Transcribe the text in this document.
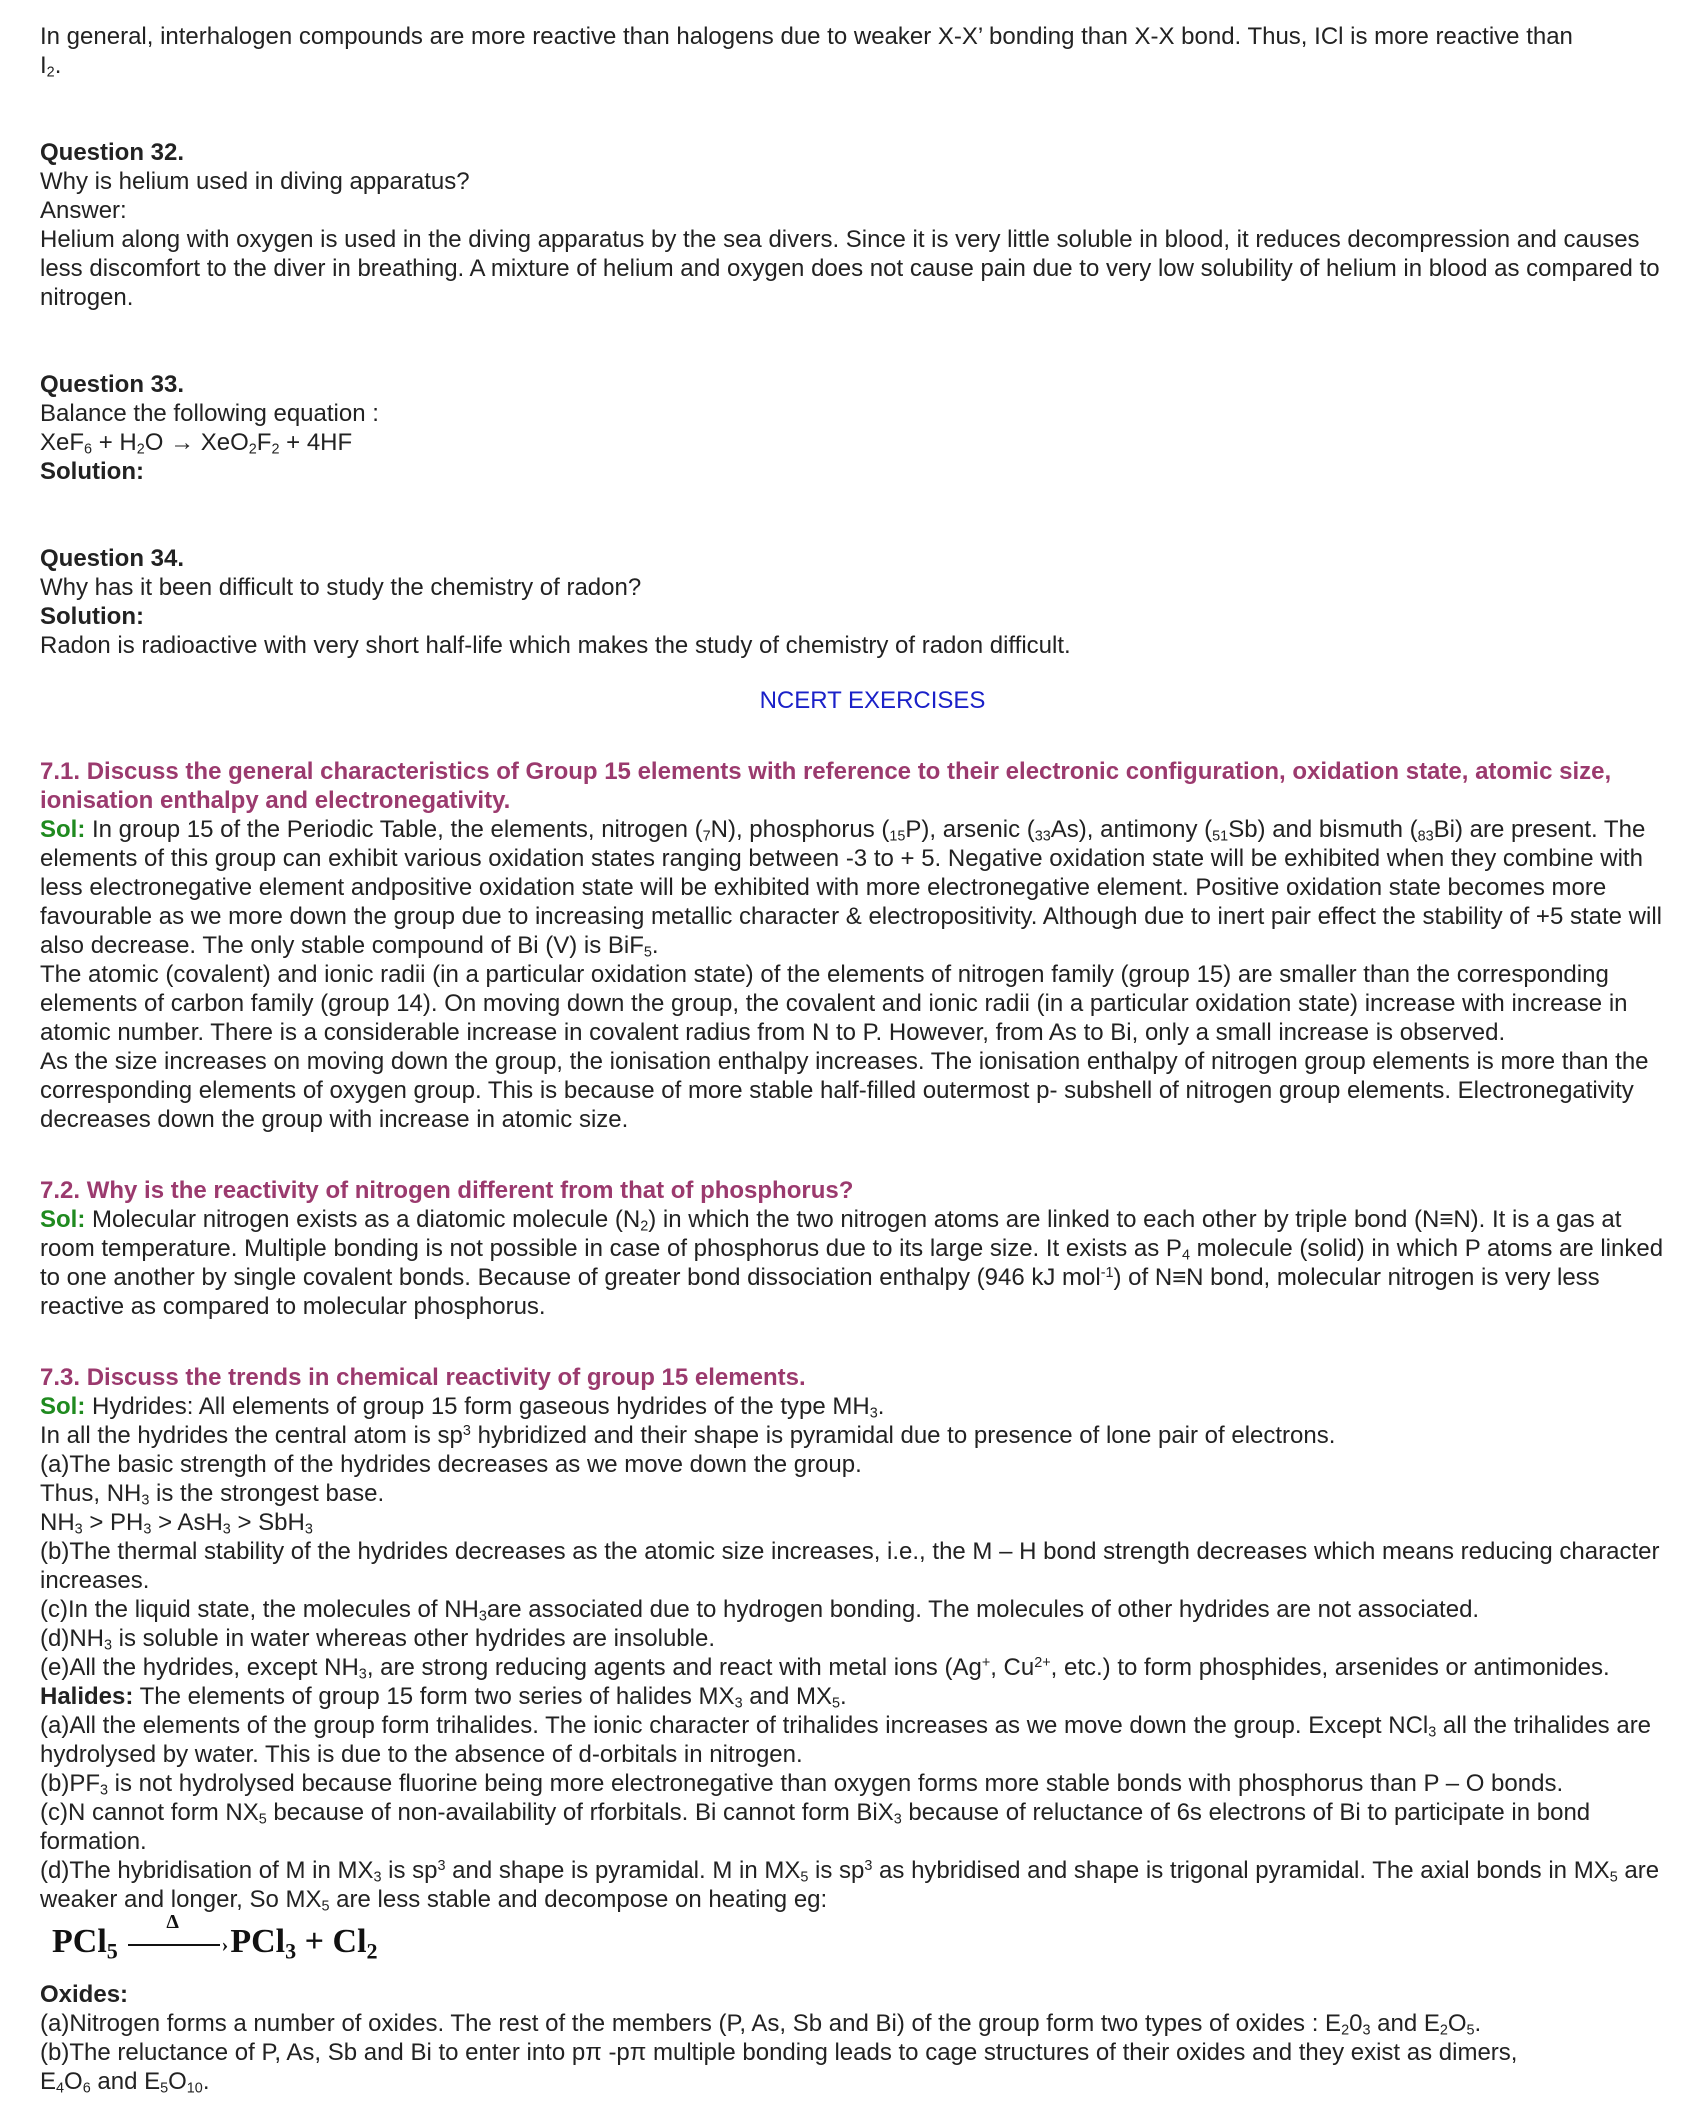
In general, interhalogen compounds are more reactive than halogens due to weaker X-X’ bonding than X-X bond. Thus, ICl is more reactive than
$I_2$.

Question 32.

Why is helium used in diving apparatus?

Answer:

Helium along with oxygen is used in the diving apparatus by the sea divers. Since it is very little soluble in blood, it reduces decompression and causes less discomfort to the diver in breathing. A mixture of helium and oxygen does not cause pain due to very low solubility of helium in blood as compared to nitrogen.

Question 33.

Balance the following equation :

$XeF_6 + H_2O \to XeO_2F_2 + 4HF$

Solution:

Question 34.

Why has it been difficult to study the chemistry of radon?

Solution:

Radon is radioactive with very short half-life which makes the study of chemistry of radon difficult.

NCERT EXERCISES

7.1. Discuss the general characteristics of Group 15 elements with reference to their electronic configuration, oxidation state, atomic size, ionisation enthalpy and electronegativity.

Sol: In group 15 of the Periodic Table, the elements, nitrogen $(_7N)$, phosphorus $(_{15}P)$, arsenic $(_{33}As)$, antimony $(_{51}Sb)$ and bismuth $(_{83}Bi)$ are present. The elements of this group can exhibit various oxidation states ranging between -3 to + 5. Negative oxidation state will be exhibited when they combine with less electronegative element andpositive oxidation state will be exhibited with more electronegative element. Positive oxidation state becomes more favourable as we more down the group due to increasing metallic character & electropositivity. Although due to inert pair effect the stability of +5 state will also decrease. The only stable compound of Bi (V) is BiF$_5$.

The atomic (covalent) and ionic radii (in a particular oxidation state) of the elements of nitrogen family (group 15) are smaller than the corresponding elements of carbon family (group 14). On moving down the group, the covalent and ionic radii (in a particular oxidation state) increase with increase in atomic number. There is a considerable increase in covalent radius from N to P. However, from As to Bi, only a small increase is observed.

As the size increases on moving down the group, the ionisation enthalpy increases. The ionisation enthalpy of nitrogen group elements is more than the corresponding elements of oxygen group. This is because of more stable half-filled outermost p- subshell of nitrogen group elements. Electronegativity decreases down the group with increase in atomic size.

7.2. Why is the reactivity of nitrogen different from that of phosphorus?

Sol: Molecular nitrogen exists as a diatomic molecule $(N_2)$ in which the two nitrogen atoms are linked to each other by triple bond (N≡N). It is a gas at room temperature. Multiple bonding is not possible in case of phosphorus due to its large size. It exists as $P_4$ molecule (solid) in which P atoms are linked to one another by single covalent bonds. Because of greater bond dissociation enthalpy (946 kJ mol$^{-1}$) of N≡N bond, molecular nitrogen is very less reactive as compared to molecular phosphorus.

7.3. Discuss the trends in chemical reactivity of group 15 elements.

Sol: Hydrides: All elements of group 15 form gaseous hydrides of the type $MH_3$.

In all the hydrides the central atom is $sp^3$ hybridized and their shape is pyramidal due to presence of lone pair of electrons.

(a)The basic strength of the hydrides decreases as we move down the group.

Thus, $NH_3$ is the strongest base.

$NH_3 > PH_3 > AsH_3 > SbH_3$

(b)The thermal stability of the hydrides decreases as the atomic size increases, i.e., the M – H bond strength decreases which means reducing character increases.

(c)In the liquid state, the molecules of $NH_3are$ associated due to hydrogen bonding. The molecules of other hydrides are not associated.

$(d)NH_3$ is soluble in water whereas other hydrides are insoluble.

(e)All the hydrides, except $NH_3$, are strong reducing agents and react with metal ions (Ag+, $Cu^{2+}$, etc.) to form phosphides, arsenides or antimonides.

Halides: The elements of group 15 form two series of halides $MX_3$ and $MX_5$.

(a)All the elements of the group form trihalides. The ionic character of trihalides increases as we move down the group. Except NCl$_3$ all the trihalides are hydrolysed by water. This is due to the absence of d-orbitals in nitrogen.

$(b)PF_3$ is not hydrolysed because fluorine being more electronegative than oxygen forms more stable bonds with phosphorus than P – O bonds.

(c)N cannot form $NX_5$ because of non-availability of rforbitals. Bi cannot form BiX$_3$ because of reluctance of 6s electrons of Bi to participate in bond formation.

(d)The hybridisation of M in $MX_3$ is $sp^3$ and shape is pyramidal. M in $MX_5$ is $sp^3$ as hybridised and shape is trigonal pyramidal. The axial bonds in $MX_5$ are weaker and longer, So $MX_5$ are less stable and decompose on heating eg:

PCl$_5$
Δ
› $PCl_3 + Cl_2$

Oxides:

(a)Nitrogen forms a number of oxides. The rest of the members (P, As, Sb and Bi) of the group form two types of oxides : $E_20_3$ and $E_2O_5$.

(b)The reluctance of P, As, Sb and Bi to enter into pπ -pπ multiple bonding leads to cage structures of their oxides and they exist as dimers,
$E_4O_6$ and $E_5O_{10}$.
